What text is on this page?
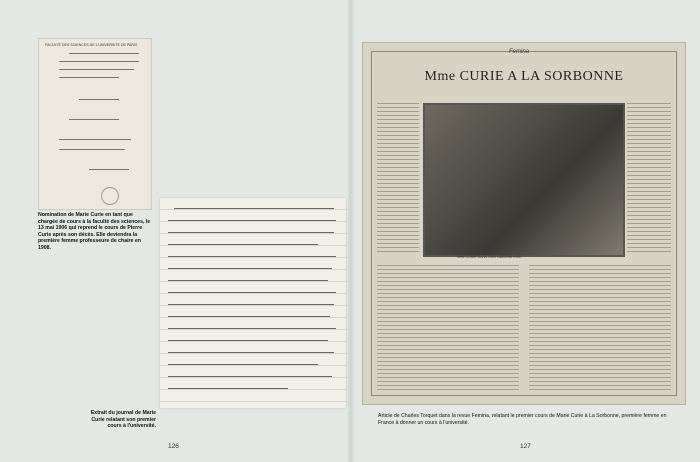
FACULTÉ DES SCIENCES DE L'UNIVERSITÉ DE PARIS
Nomination de Marie Curie en tant que chargée de cours à la faculté des sciences, le 13 mai 1906 qui reprend le cours de Pierre Curie après son décès. Elle deviendra la première femme professeure de chaire en 1908.
Extrait du journal de Marie Curie relatant son premier cours à l'université.
126
Femina
Mme CURIE A LA SORBONNE
Mme CURIE DANS SON LABORATOIRE
Article de Charles Torquet dans la revue Femina, relatant le premier cours de Marie Curie à La Sorbonne, première femme en France à donner un cours à l'université.
127
